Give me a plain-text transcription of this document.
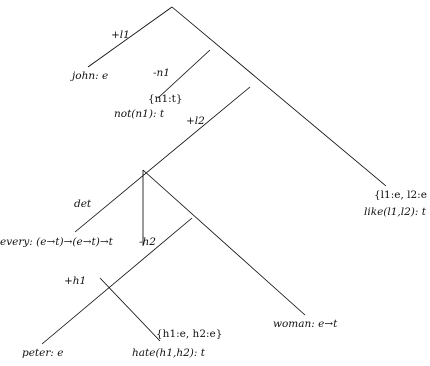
+l1
-n1
+l2
det
-h2
+h1
john: e
{n1:t}
not(n1): t
{l1:e, l2:e
like(l1,l2): t
every: (e→t)→(e→t)→t
woman: e→t
{h1:e, h2:e}
peter: e	hate(h1,h2): t
